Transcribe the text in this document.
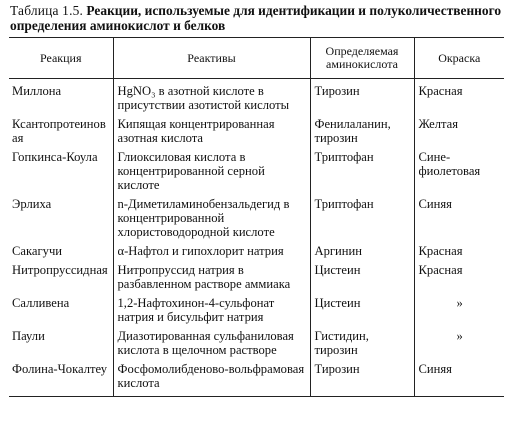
Таблица 1.5. Реакции, используемые для идентификации и полуколичественного определения аминокислот и белков
Реакция	Реактивы	Определяемая аминокислота	Окраска
Миллона	HgNO₃ в азотной кислоте в присутствии азотистой кислоты	Тирозин	Красная
Ксантопротеиновая	Кипящая концентрированная азотная кислота	Фенилаланин, тирозин	Желтая
Гопкинса-Коула	Глиоксиловая кислота в концентрированной серной кислоте	Триптофан	Сине-фиолетовая
Эрлиха	n-Диметиламинобензальдегид в концентрированной хлористоводородной кислоте	Триптофан	Синяя
Сакагучи	α-Нафтол и гипохлорит натрия	Аргинин	Красная
Нитропруссидная	Нитропруссид натрия в разбавленном растворе аммиака	Цистеин	Красная
Салливена	1,2-Нафтохинон-4-сульфонат натрия и бисульфит натрия	Цистеин	»

Паули	Диазотированная сульфаниловая кислота в щелочном растворе	Гистидин, тирозин	»

Фолина-Чокалтеу	Фосфомолибденово-вольфрамовая кислота	Тирозин	Синяя
